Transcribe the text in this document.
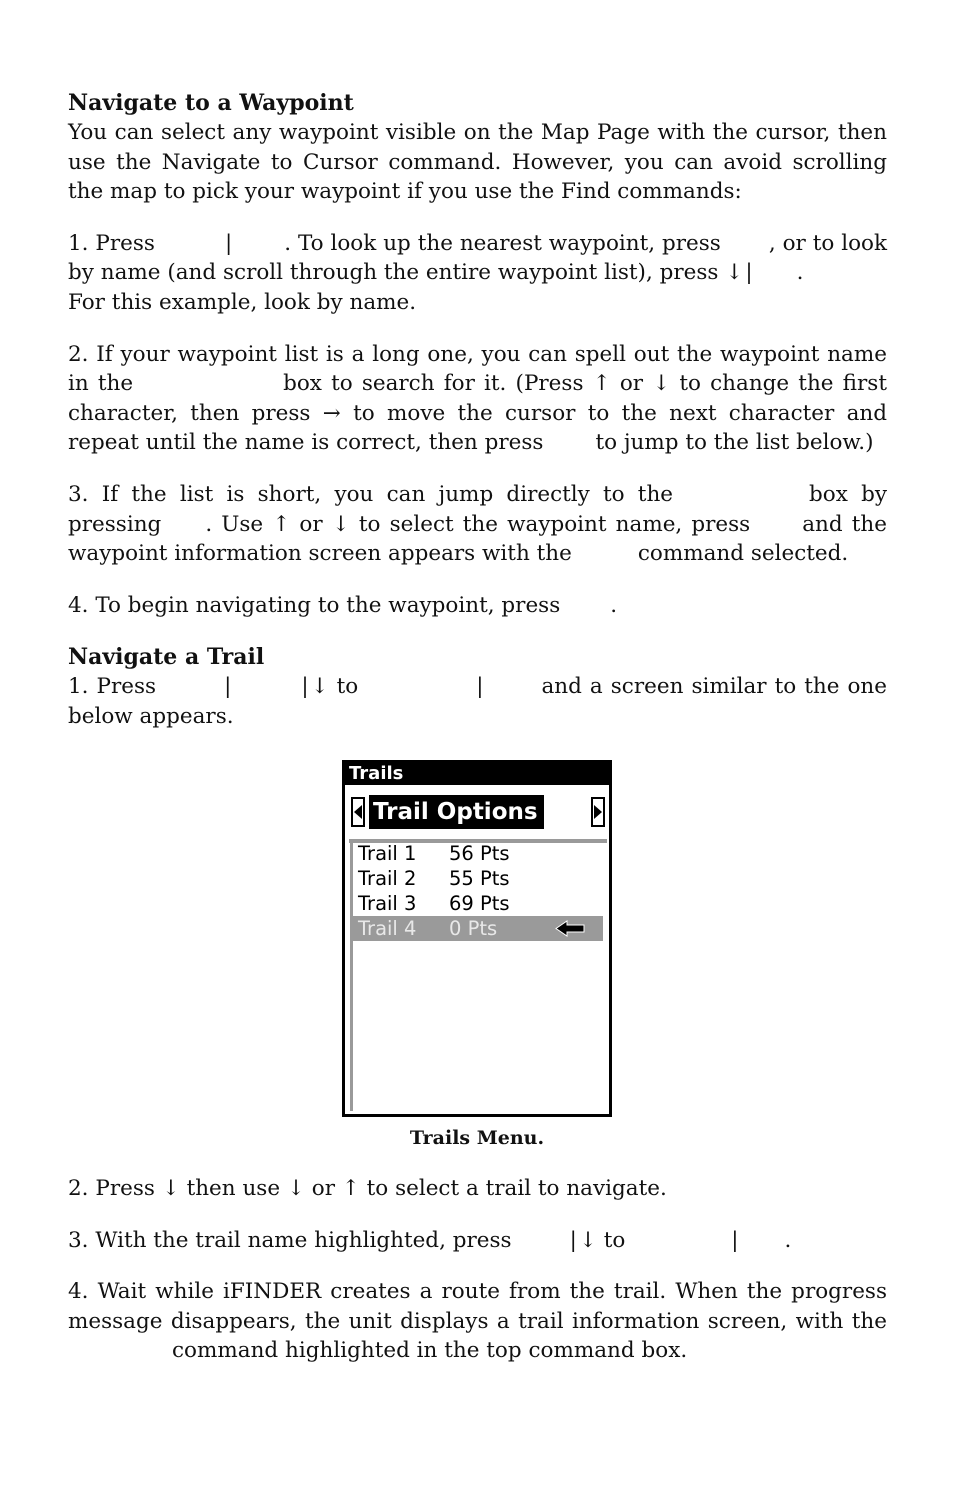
Navigate to a Waypoint

You can select any waypoint visible on the Map Page with the cursor, then use the Navigate to Cursor command. However, you can avoid scrolling the map to pick your waypoint if you use the Find commands:

1. Press	| . To look up the nearest waypoint, press , or to look by name (and scroll through the entire waypoint list), press ↓| .
For this example, look by name.

2. If your waypoint list is a long one, you can spell out the waypoint name in the	box to search for it. (Press ↑ or ↓ to change the first character, then press → to move the cursor to the next character and repeat until the name is correct, then press to jump to the list below.)

3. If the list is short, you can jump directly to the	box by pressing . Use ↑ or ↓ to select the waypoint name, press and the waypoint information screen appears with the	command selected.

4. To begin navigating to the waypoint, press .

Navigate a Trail

1. Press	|	|↓ to	|	and a screen similar to the one below appears.

Trails
Trail Options
Trail 1 56 Pts
Trail 2 55 Pts
Trail 3 69 Pts
Trail 4 0 Pts
Trails Menu.

2. Press ↓ then use ↓ or ↑ to select a trail to navigate.

3. With the trail name highlighted, press	|↓ to	| .

4. Wait while iFINDER creates a route from the trail. When the progress message disappears, the unit displays a trail information screen, with thecommand highlighted in the top command box.
